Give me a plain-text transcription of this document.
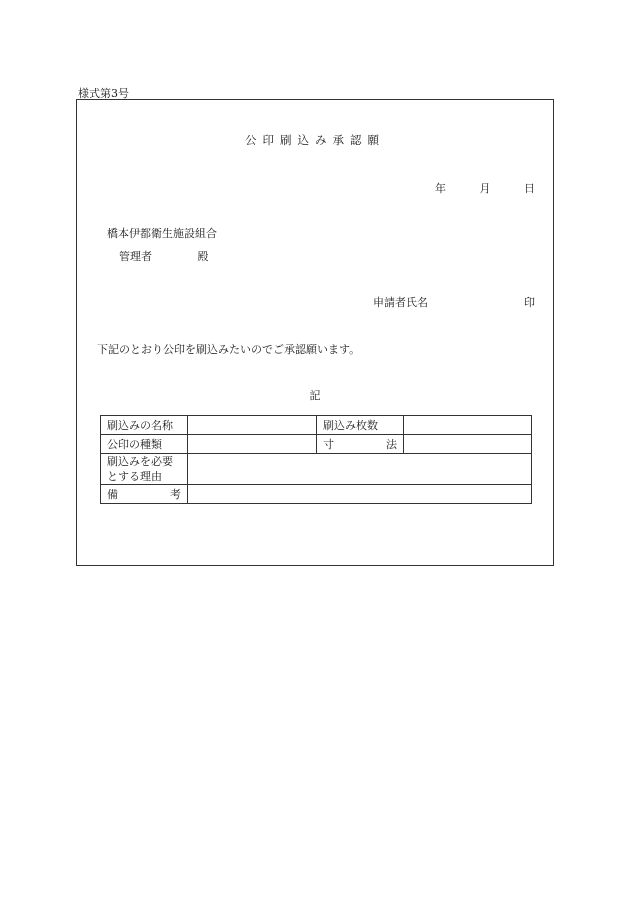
様式第3号
公印刷込み承認願
年	月	日
橋本伊都衛生施設組合
管理者	殿
申請者氏名	印
下記のとおり公印を刷込みたいのでご承認願います。
記
刷込みの名称		刷込み枚数	
公印の種類		寸 法	

刷込みを必要
とする理由			

備 考			
